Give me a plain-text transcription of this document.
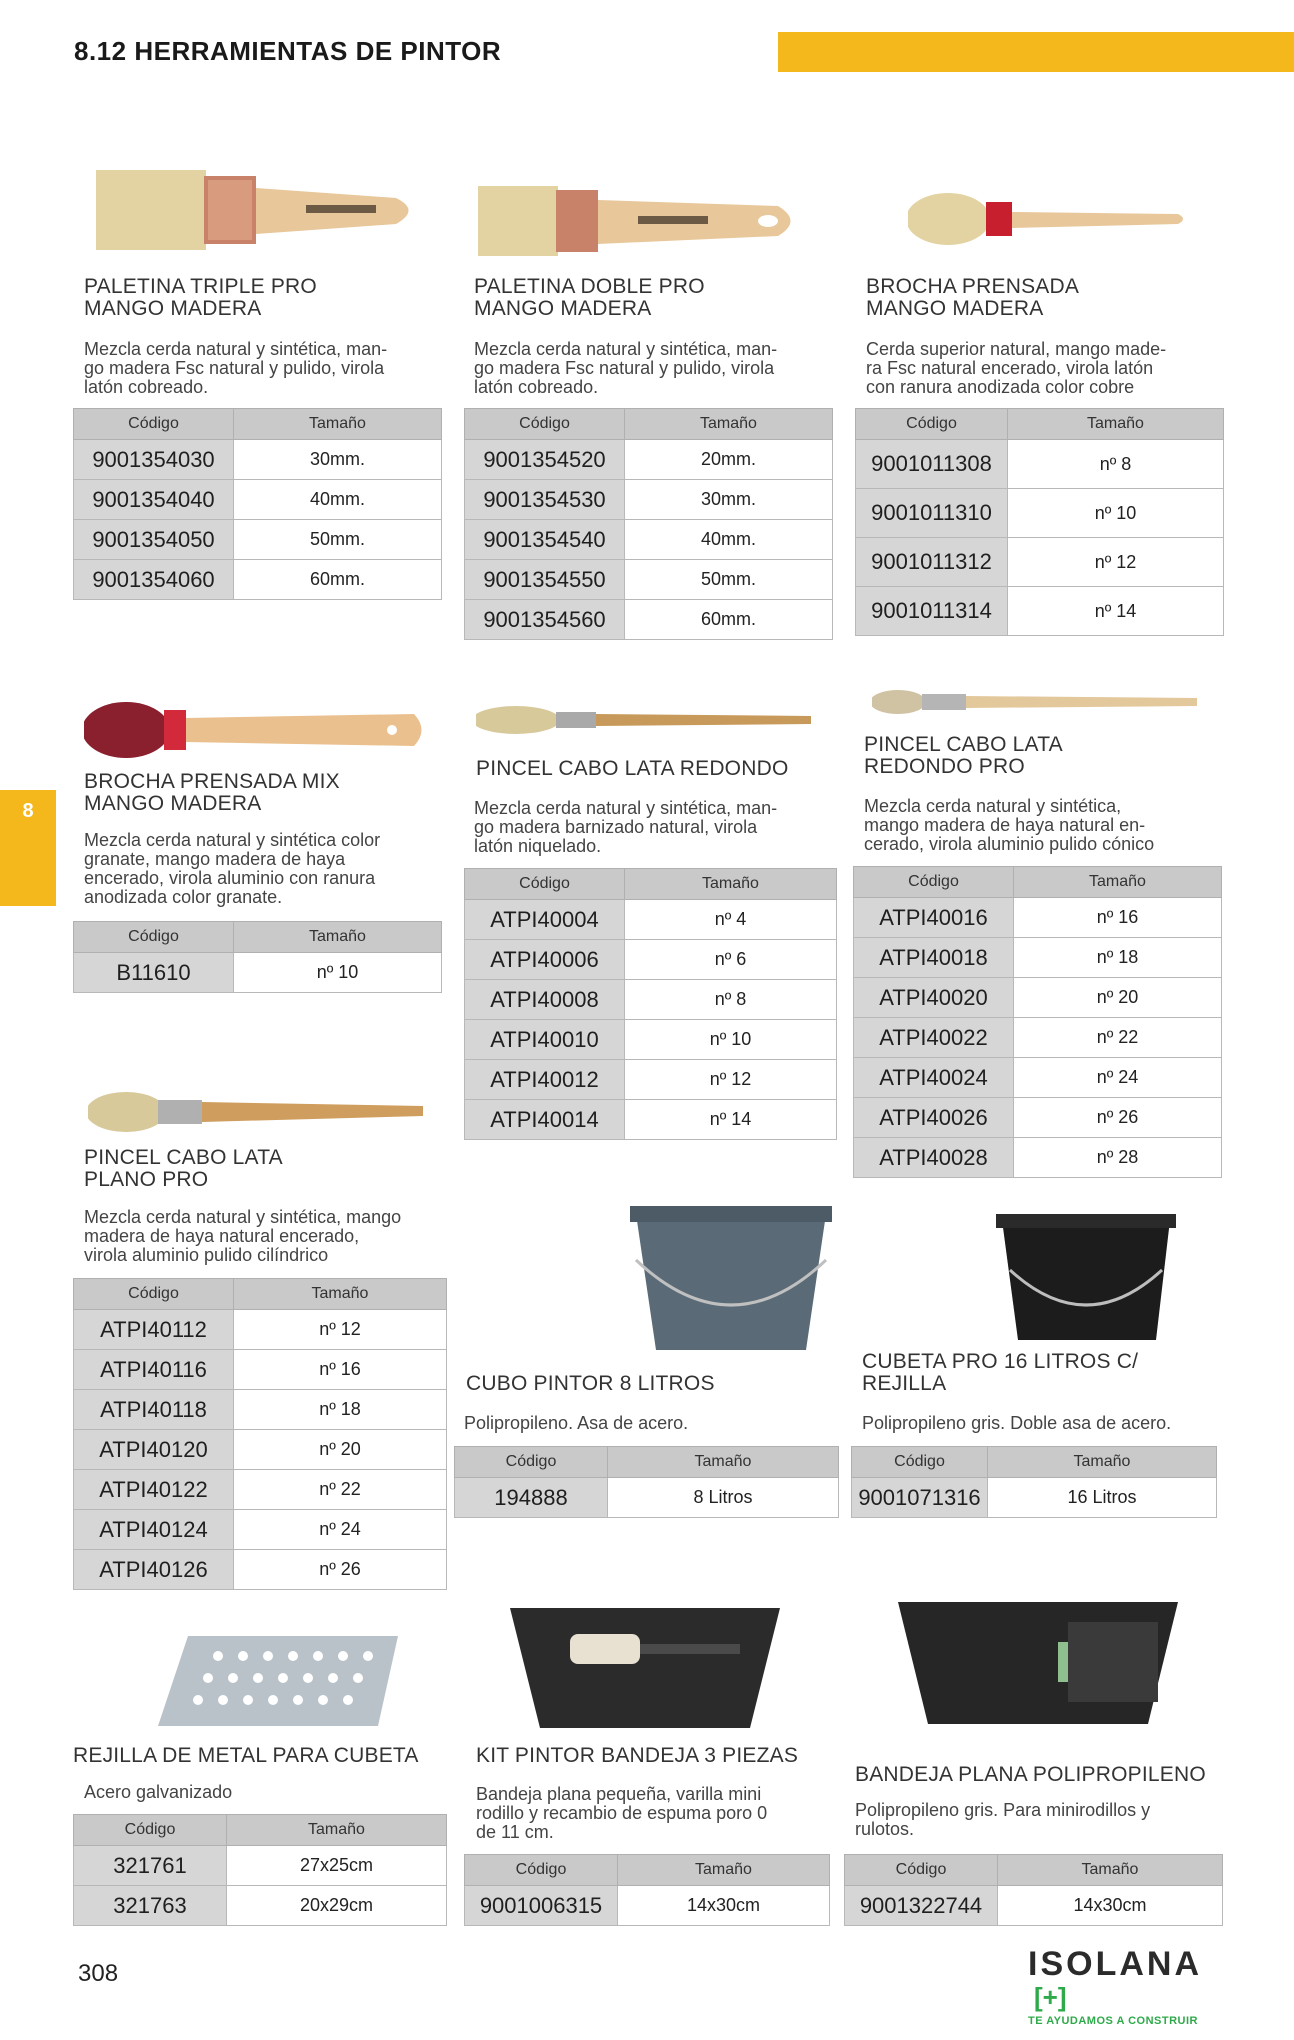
8.12 HERRAMIENTAS DE PINTOR
8
PALETINA TRIPLE PRO
MANGO MADERA
Mezcla cerda natural y sintética, man-
go madera Fsc natural y pulido, virola
latón cobreado.
Código	Tamaño
9001354030	30mm.
9001354040	40mm.
9001354050	50mm.
9001354060	60mm.
PALETINA DOBLE PRO
MANGO MADERA
Mezcla cerda natural y sintética, man-
go madera Fsc natural y pulido, virola
latón cobreado.
Código	Tamaño
9001354520	20mm.
9001354530	30mm.
9001354540	40mm.
9001354550	50mm.
9001354560	60mm.
BROCHA PRENSADA
MANGO MADERA
Cerda superior natural, mango made-
ra Fsc natural encerado, virola latón
con ranura anodizada color cobre
Código	Tamaño
9001011308	nº 8
9001011310	nº 10
9001011312	nº 12
9001011314	nº 14
BROCHA PRENSADA MIX
MANGO MADERA
Mezcla cerda natural y sintética color
granate, mango madera de haya
encerado, virola aluminio con ranura
anodizada color granate.
Código	Tamaño
B11610	nº 10
PINCEL CABO LATA REDONDO
Mezcla cerda natural y sintética, man-
go madera barnizado natural, virola
latón niquelado.
Código	Tamaño
ATPI40004	nº 4
ATPI40006	nº 6
ATPI40008	nº 8
ATPI40010	nº 10
ATPI40012	nº 12
ATPI40014	nº 14
PINCEL CABO LATA
REDONDO PRO
Mezcla cerda natural y sintética,
mango madera de haya natural en-
cerado, virola aluminio pulido cónico
Código	Tamaño
ATPI40016	nº 16
ATPI40018	nº 18
ATPI40020	nº 20
ATPI40022	nº 22
ATPI40024	nº 24
ATPI40026	nº 26
ATPI40028	nº 28
PINCEL CABO LATA
PLANO PRO
Mezcla cerda natural y sintética, mango
madera de haya natural encerado,
virola aluminio pulido cilíndrico
Código	Tamaño
ATPI40112	nº 12
ATPI40116	nº 16
ATPI40118	nº 18
ATPI40120	nº 20
ATPI40122	nº 22
ATPI40124	nº 24
ATPI40126	nº 26
CUBO PINTOR 8 LITROS
Polipropileno. Asa de acero.
Código	Tamaño
194888	8 Litros
CUBETA PRO 16 LITROS C/
REJILLA
Polipropileno gris. Doble asa de acero.
Código	Tamaño
9001071316	16 Litros
REJILLA DE METAL PARA CUBETA
Acero galvanizado
Código	Tamaño
321761	27x25cm
321763	20x29cm
KIT PINTOR BANDEJA 3 PIEZAS
Bandeja plana pequeña, varilla mini
rodillo y recambio de espuma poro 0
de 11 cm.
Código	Tamaño
9001006315	14x30cm
BANDEJA PLANA POLIPROPILENO
Polipropileno gris. Para minirodillos y
rulotos.
Código	Tamaño
9001322744	14x30cm
308	ISOLANA[+]
TE AYUDAMOS A CONSTRUIR
